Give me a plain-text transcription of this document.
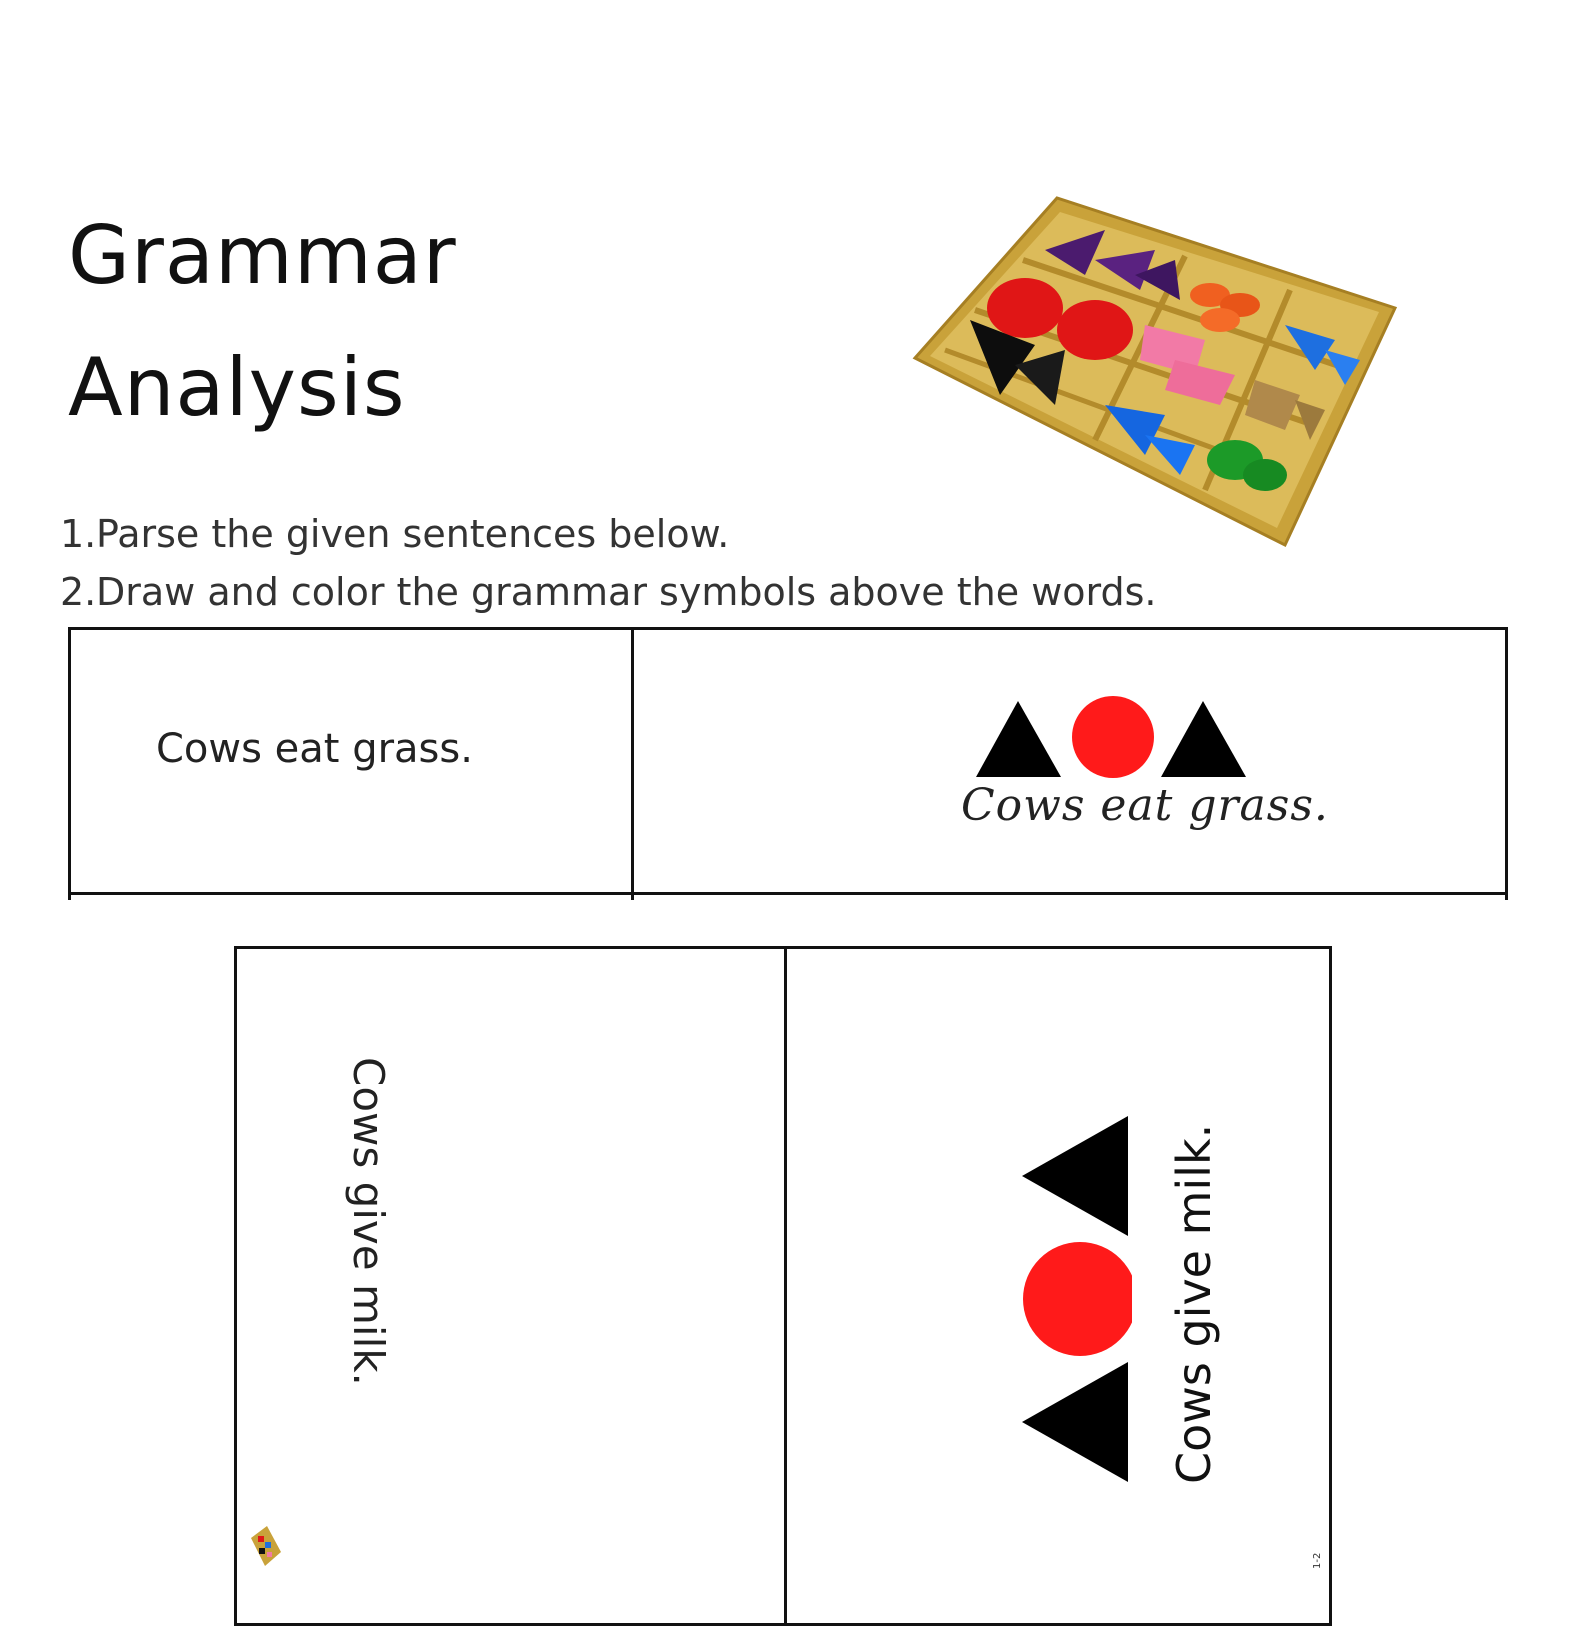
Grammar
Analysis
1.Parse the given sentences below.
2.Draw and color the grammar symbols above the words.
Cows eat grass.
Cows eat grass.
Cows give milk.	Cows give milk.
1-2
